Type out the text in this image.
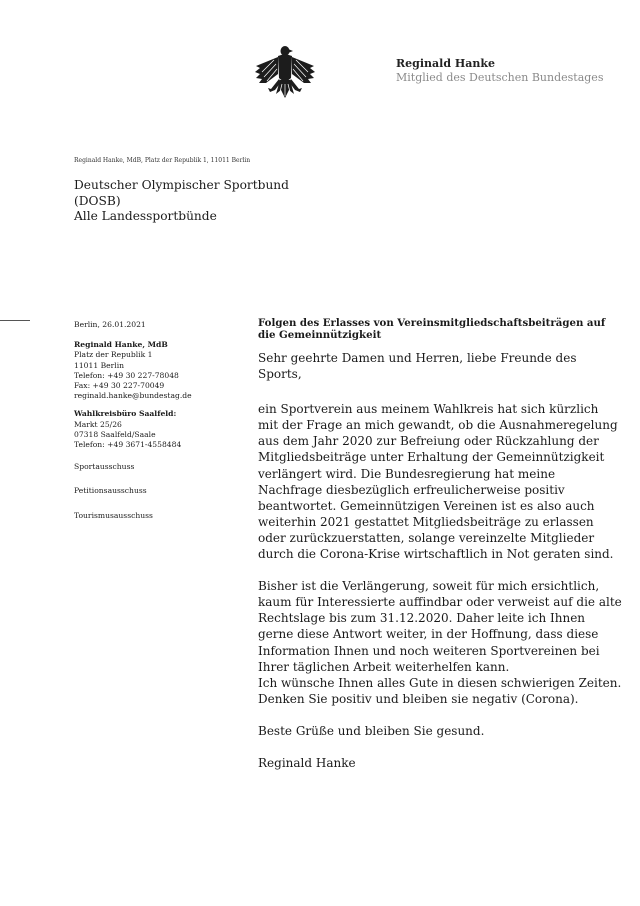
Reginald Hanke
Mitglied des Deutschen Bundestages
Reginald Hanke, MdB, Platz der Republik 1, 11011 Berlin
Deutscher Olympischer Sportbund
(DOSB)
Alle Landessportbünde
Berlin, 26.01.2021
Reginald Hanke, MdB
Platz der Republik 1
11011 Berlin
Telefon: +49 30 227-78048
Fax: +49 30 227-70049
reginald.hanke@bundestag.de
Wahlkreisbüro Saalfeld:
Markt 25/26
07318 Saalfeld/Saale
Telefon: +49 3671-4558484
Sportausschuss
Petitionsausschuss
Tourismusausschuss
Folgen des Erlasses von Vereinsmitgliedschaftsbeiträgen auf die Gemeinnützigkeit
Sehr geehrte Damen und Herren, liebe Freunde des Sports,
ein Sportverein aus meinem Wahlkreis hat sich kürzlich mit der Frage an mich gewandt, ob die Ausnahmeregelung aus dem Jahr 2020 zur Befreiung oder Rückzahlung der Mitgliedsbeiträge unter Erhaltung der Gemeinnützigkeit verlängert wird. Die Bundesregierung hat meine Nachfrage diesbezüglich erfreulicherweise positiv beantwortet. Gemeinnützigen Vereinen ist es also auch weiterhin 2021 gestattet Mitgliedsbeiträge zu erlassen oder zurückzuerstatten, solange vereinzelte Mitglieder durch die Corona-Krise wirtschaftlich in Not geraten sind.
Bisher ist die Verlängerung, soweit für mich ersichtlich, kaum für Interessierte auffindbar oder verweist auf die alte Rechtslage bis zum 31.12.2020. Daher leite ich Ihnen gerne diese Antwort weiter, in der Hoffnung, dass diese Information Ihnen und noch weiteren Sportvereinen bei Ihrer täglichen Arbeit weiterhelfen kann.
Ich wünsche Ihnen alles Gute in diesen schwierigen Zeiten. Denken Sie positiv und bleiben sie negativ (Corona).
Beste Grüße und bleiben Sie gesund.
Reginald Hanke
